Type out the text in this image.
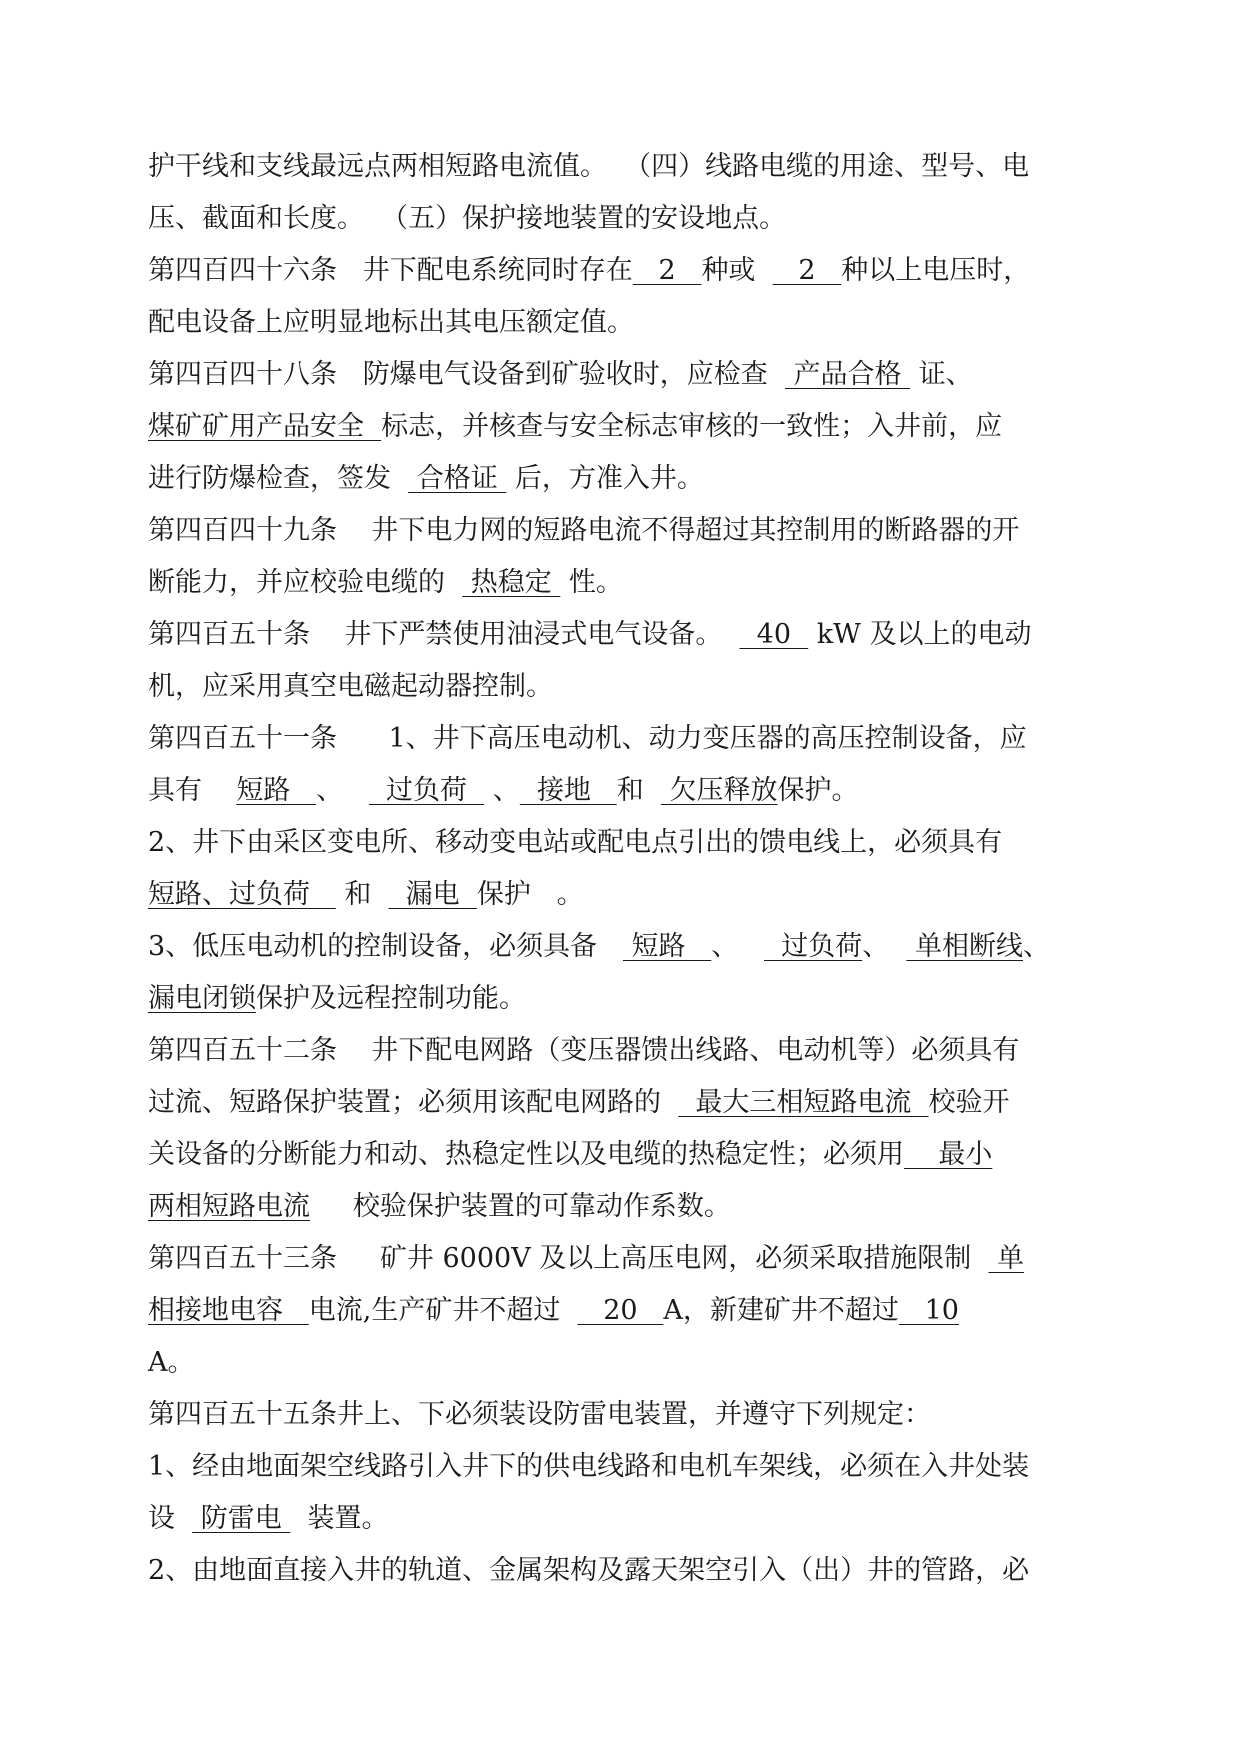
护干线和支线最远点两相短路电流值。  （四）线路电缆的用途、型号、电
压、截面和长度。  （五）保护接地装置的安设地点。
第四百四十六条   井下配电系统同时存在   2   种或     2   种以上电压时，
配电设备上应明显地标出其电压额定值。
第四百四十八条   防爆电气设备到矿验收时，应检查   产品合格  证、
煤矿矿用产品安全  标志，并核查与安全标志审核的一致性；入井前，应
进行防爆检查，签发   合格证  后，方准入井。
第四百四十九条    井下电力网的短路电流不得超过其控制用的断路器的开
断能力，并应校验电缆的   热稳定  性。
第四百五十条    井下严禁使用油浸式电气设备。    40   kW 及以上的电动
机，应采用真空电磁起动器控制。
第四百五十一条      1、井下高压电动机、动力变压器的高压控制设备，应
具有    短路   、     过负荷   、  接地   和   欠压释放保护。
2、井下由采区变电所、移动变电站或配电点引出的馈电线上，必须具有
短路、过负荷    和    漏电  保护   。
3、低压电动机的控制设备，必须具备    短路   、     过负荷、   单相断线、
漏电闭锁保护及远程控制功能。
第四百五十二条    井下配电网路（变压器馈出线路、电动机等）必须具有
过流、短路保护装置；必须用该配电网路的    最大三相短路电流  校验开
关设备的分断能力和动、热稳定性以及电缆的热稳定性；必须用    最小
两相短路电流     校验保护装置的可靠动作系数。
第四百五十三条     矿井 6000V 及以上高压电网，必须采取措施限制   单
相接地电容   电流,生产矿井不超过     20   A，新建矿井不超过   10
A。
第四百五十五条井上、下必须装设防雷电装置，并遵守下列规定：
1、经由地面架空线路引入井下的供电线路和电机车架线，必须在入井处装
设   防雷电   装置。
2、由地面直接入井的轨道、金属架构及露天架空引入（出）井的管路，必
